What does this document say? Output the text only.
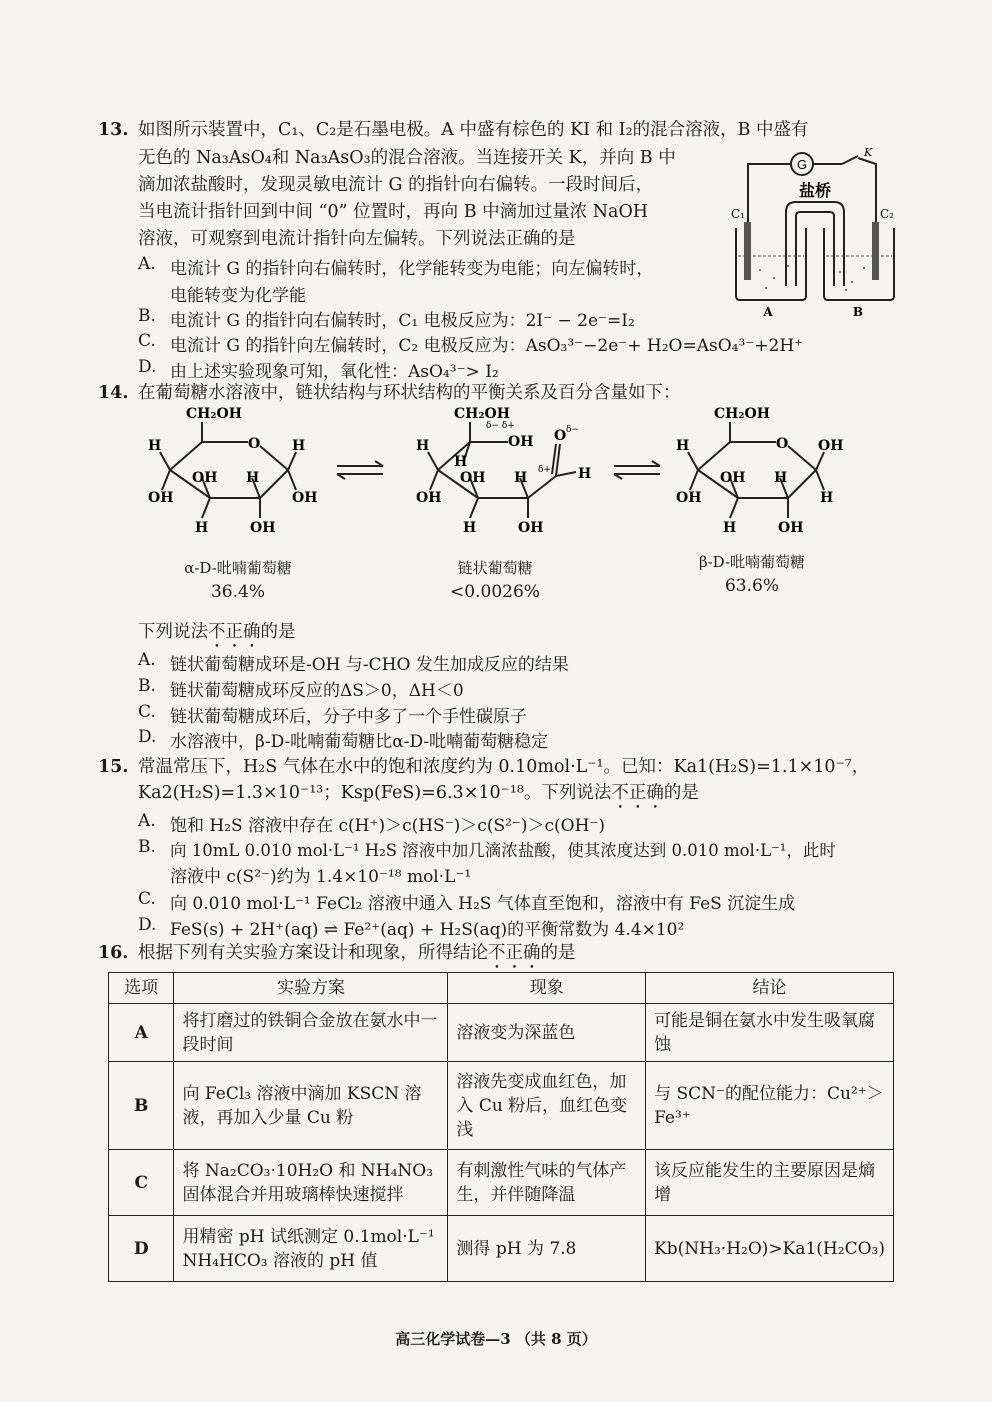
13. 如图所示装置中，C₁、C₂是石墨电极。A 中盛有棕色的 KI 和 I₂的混合溶液，B 中盛有
无色的 Na₃AsO₄和 Na₃AsO₃的混合溶液。当连接开关 K，并向 B 中
滴加浓盐酸时，发现灵敏电流计 G 的指针向右偏转。一段时间后，
当电流计指针回到中间 “0” 位置时，再向 B 中滴加过量浓 NaOH
溶液，可观察到电流计指针向左偏转。下列说法正确的是
A. 电流计 G 的指针向右偏转时，化学能转变为电能；向左偏转时，
电能转变为化学能
B. 电流计 G 的指针向右偏转时，C₁ 电极反应为：2I⁻ − 2e⁻=I₂
C. 电流计 G 的指针向左偏转时，C₂ 电极反应为：AsO₃³⁻−2e⁻+ H₂O=AsO₄³⁻+2H⁺
D. 由上述实验现象可知，氧化性：AsO₄³⁻> I₂
G
K
C₁	C₂
盐桥
A	B
14. 在葡萄糖水溶液中，链状结构与环状结构的平衡关系及百分含量如下：
CH₂OH
O
H
OH
H
OH
OH
H
H
OH
CH₂OH
δ− δ+
OH O δ−
δ+ H
H
OH
H
OH
H
H
OH
CH₂OH
O
H
OH
OH
H
OH
H
H
OH
α-D-吡喃葡萄糖
36.4%
链状葡萄糖
<0.0026%
β-D-吡喃葡萄糖
63.6%
下列说法不正确的是
A. 链状葡萄糖成环是-OH 与-CHO 发生加成反应的结果
B. 链状葡萄糖成环反应的ΔS＞0，ΔH＜0
C. 链状葡萄糖成环后，分子中多了一个手性碳原子
D. 水溶液中，β-D-吡喃葡萄糖比α-D-吡喃葡萄糖稳定
15. 常温常压下，H₂S 气体在水中的饱和浓度约为 0.10mol·L⁻¹。已知：Ka1(H₂S)=1.1×10⁻⁷，
Ka2(H₂S)=1.3×10⁻¹³；Ksp(FeS)=6.3×10⁻¹⁸。下列说法不正确的是
A. 饱和 H₂S 溶液中存在 c(H⁺)＞c(HS⁻)＞c(S²⁻)＞c(OH⁻)
B. 向 10mL 0.010 mol·L⁻¹ H₂S 溶液中加几滴浓盐酸，使其浓度达到 0.010 mol·L⁻¹，此时
溶液中 c(S²⁻)约为 1.4×10⁻¹⁸ mol·L⁻¹
C. 向 0.010 mol·L⁻¹ FeCl₂ 溶液中通入 H₂S 气体直至饱和，溶液中有 FeS 沉淀生成
D. FeS(s) + 2H⁺(aq) ⇌ Fe²⁺(aq) + H₂S(aq)的平衡常数为 4.4×10²
16. 根据下列有关实验方案设计和现象，所得结论不正确的是
选项	实验方案	现象	结论
A	将打磨过的铁铜合金放在氨水中一段时间	溶液变为深蓝色	可能是铜在氨水中发生吸氧腐蚀
B	向 FeCl₃ 溶液中滴加 KSCN 溶液，再加入少量 Cu 粉	溶液先变成血红色，加入 Cu 粉后，血红色变浅	与 SCN⁻的配位能力：Cu²⁺＞Fe³⁺
C	将 Na₂CO₃·10H₂O 和 NH₄NO₃ 固体混合并用玻璃棒快速搅拌	有刺激性气味的气体产生，并伴随降温	该反应能发生的主要原因是熵增
D	用精密 pH 试纸测定 0.1mol·L⁻¹ NH₄HCO₃ 溶液的 pH 值	测得 pH 为 7.8	Kb(NH₃·H₂O)>Ka1(H₂CO₃)
高三化学试卷—3 （共 8 页）
